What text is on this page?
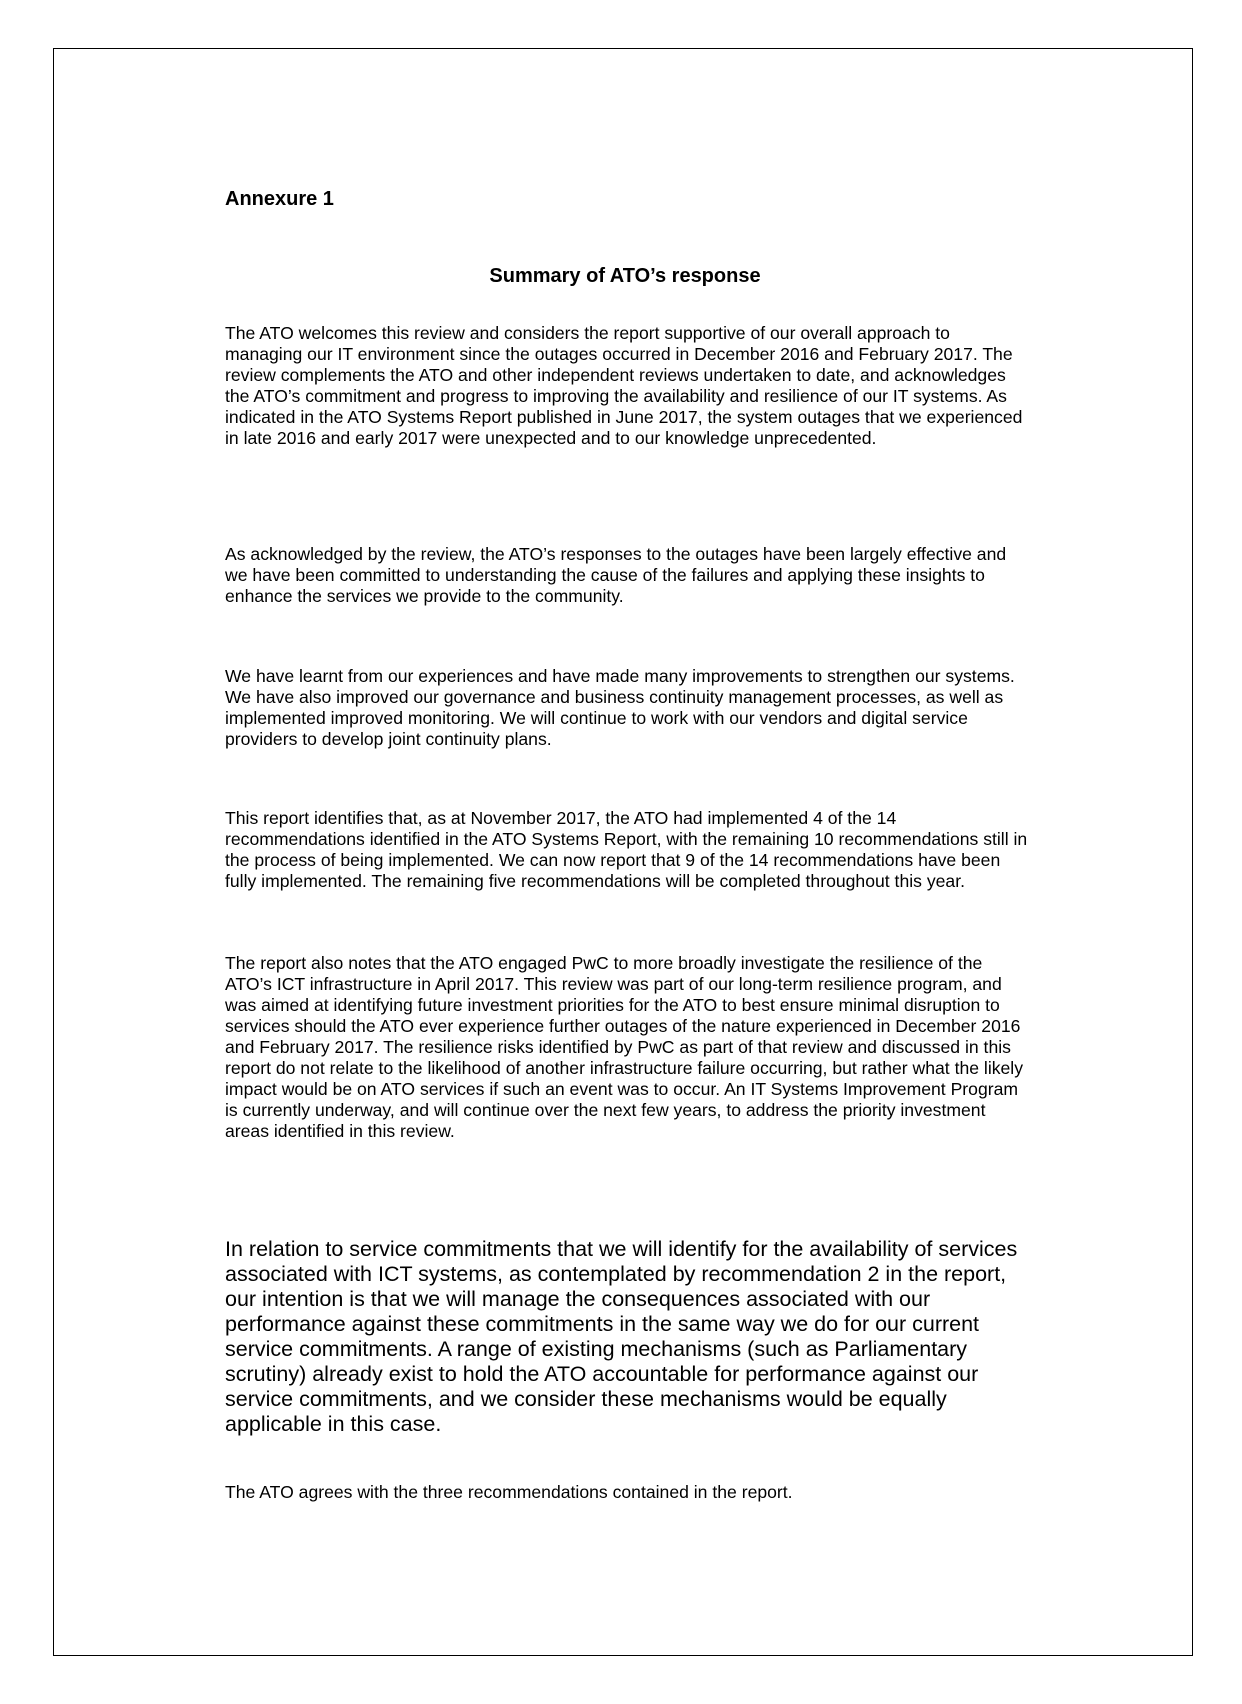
Annexure 1

Summary of ATO’s response

The ATO welcomes this review and considers the report supportive of our overall approach to managing our IT environment since the outages occurred in December 2016 and February 2017. The review complements the ATO and other independent reviews undertaken to date, and acknowledges the ATO’s commitment and progress to improving the availability and resilience of our IT systems. As indicated in the ATO Systems Report published in June 2017, the system outages that we experienced in late 2016 and early 2017 were unexpected and to our knowledge unprecedented.

As acknowledged by the review, the ATO’s responses to the outages have been largely effective and we have been committed to understanding the cause of the failures and applying these insights to enhance the services we provide to the community.

We have learnt from our experiences and have made many improvements to strengthen our systems. We have also improved our governance and business continuity management processes, as well as implemented improved monitoring. We will continue to work with our vendors and digital service providers to develop joint continuity plans.

This report identifies that, as at November 2017, the ATO had implemented 4 of the 14 recommendations identified in the ATO Systems Report, with the remaining 10 recommendations still in the process of being implemented. We can now report that 9 of the 14 recommendations have been fully implemented. The remaining five recommendations will be completed throughout this year.

The report also notes that the ATO engaged PwC to more broadly investigate the resilience of the ATO’s ICT infrastructure in April 2017. This review was part of our long-term resilience program, and was aimed at identifying future investment priorities for the ATO to best ensure minimal disruption to services should the ATO ever experience further outages of the nature experienced in December 2016 and February 2017. The resilience risks identified by PwC as part of that review and discussed in this report do not relate to the likelihood of another infrastructure failure occurring, but rather what the likely impact would be on ATO services if such an event was to occur. An IT Systems Improvement Program is currently underway, and will continue over the next few years, to address the priority investment areas identified in this review.

In relation to service commitments that we will identify for the availability of services associated with ICT systems, as contemplated by recommendation 2 in the report, our intention is that we will manage the consequences associated with our performance against these commitments in the same way we do for our current service commitments. A range of existing mechanisms (such as Parliamentary scrutiny) already exist to hold the ATO accountable for performance against our service commitments, and we consider these mechanisms would be equally applicable in this case.

The ATO agrees with the three recommendations contained in the report.
